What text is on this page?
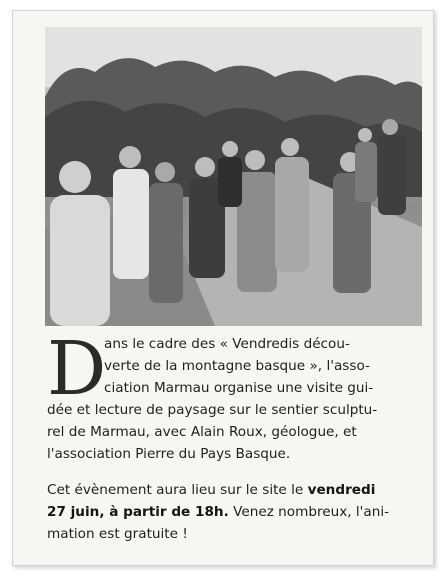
D
ans le cadre des « Vendredis décou-
verte de la montagne basque », l'asso-
ciation Marmau organise une visite gui-
dée et lecture de paysage sur le sentier sculptu-
rel de Marmau, avec Alain Roux, géologue, et
l'association Pierre du Pays Basque.
Cet évènement aura lieu sur le site le vendredi
27 juin, à partir de 18h. Venez nombreux, l'ani-
mation est gratuite !
